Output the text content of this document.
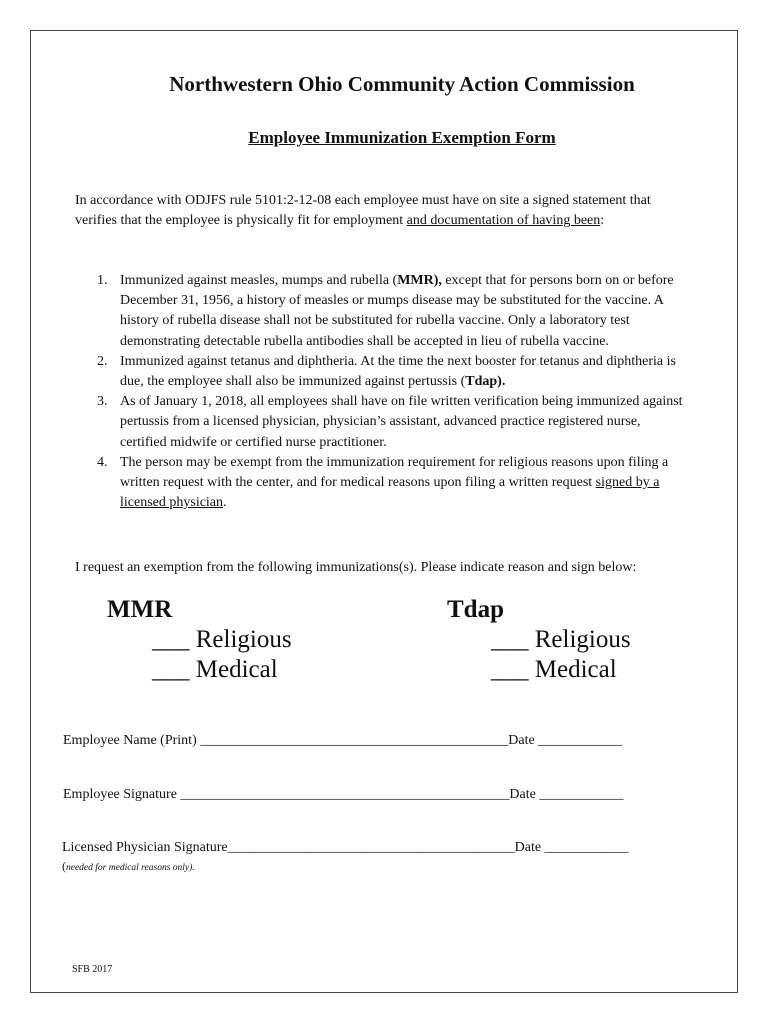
Northwestern Ohio Community Action Commission
Employee Immunization Exemption Form
In accordance with ODJFS rule 5101:2-12-08 each employee must have on site a signed statement that verifies that the employee is physically fit for employment and documentation of having been:
1. Immunized against measles, mumps and rubella (MMR), except that for persons born on or before December 31, 1956, a history of measles or mumps disease may be substituted for the vaccine. A history of rubella disease shall not be substituted for rubella vaccine. Only a laboratory test demonstrating detectable rubella antibodies shall be accepted in lieu of rubella vaccine.
2. Immunized against tetanus and diphtheria. At the time the next booster for tetanus and diphtheria is due, the employee shall also be immunized against pertussis (Tdap).
3. As of January 1, 2018, all employees shall have on file written verification being immunized against pertussis from a licensed physician, physician’s assistant, advanced practice registered nurse, certified midwife or certified nurse practitioner.
4. The person may be exempt from the immunization requirement for religious reasons upon filing a written request with the center, and for medical reasons upon filing a written request signed by a licensed physician.
I request an exemption from the following immunizations(s). Please indicate reason and sign below:
MMR
___ Religious
___ Medical
Tdap
___ Religious
___ Medical
Employee Name (Print) ____________________________________________Date ____________
Employee Signature _______________________________________________Date ____________
Licensed Physician Signature_________________________________________Date ____________
(needed for medical reasons only).
SFB 2017
